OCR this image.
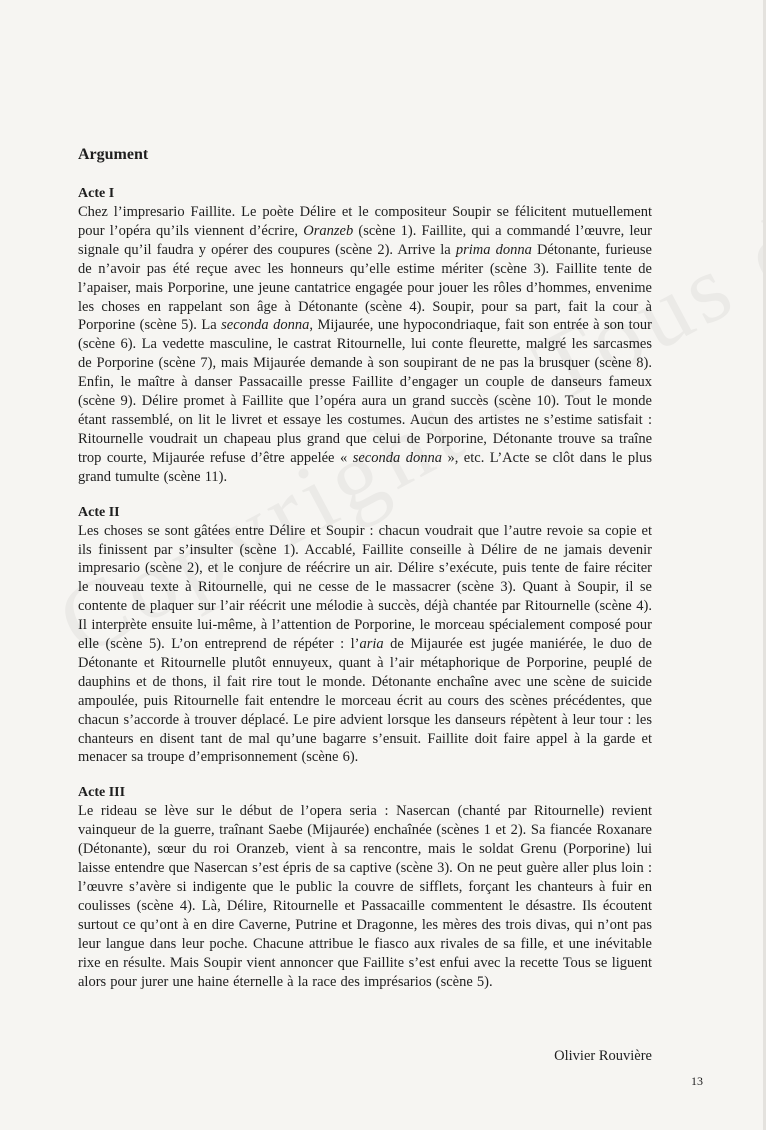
Argument
Acte I

Chez l’impresario Faillite. Le poète Délire et le compositeur Soupir se félicitent mutuellement pour l’opéra qu’ils viennent d’écrire, Oranzeb (scène 1). Faillite, qui a commandé l’œuvre, leur signale qu’il faudra y opérer des coupures (scène 2). Arrive la prima donna Détonante, furieuse de n’avoir pas été reçue avec les honneurs qu’elle estime mériter (scène 3). Faillite tente de l’apaiser, mais Porporine, une jeune cantatrice engagée pour jouer les rôles d’hommes, envenime les choses en rappelant son âge à Détonante (scène 4). Soupir, pour sa part, fait la cour à Porporine (scène 5). La seconda donna, Mijaurée, une hypocondriaque, fait son entrée à son tour (scène 6). La vedette masculine, le castrat Ritournelle, lui conte fleurette, malgré les sarcasmes de Porporine (scène 7), mais Mijaurée demande à son soupirant de ne pas la brusquer (scène 8). Enfin, le maître à danser Passacaille presse Faillite d’engager un couple de danseurs fameux (scène 9). Délire promet à Faillite que l’opéra aura un grand succès (scène 10). Tout le monde étant rassemblé, on lit le livret et essaye les costumes. Aucun des artistes ne s’estime satisfait : Ritournelle voudrait un chapeau plus grand que celui de Porporine, Détonante trouve sa traîne trop courte, Mijaurée refuse d’être appelée « seconda donna », etc. L’Acte se clôt dans le plus grand tumulte (scène 11).

Acte II

Les choses se sont gâtées entre Délire et Soupir : chacun voudrait que l’autre revoie sa copie et ils finissent par s’insulter (scène 1). Accablé, Faillite conseille à Délire de ne jamais devenir impresario (scène 2), et le conjure de réécrire un air. Délire s’exécute, puis tente de faire réciter le nouveau texte à Ritournelle, qui ne cesse de le massacrer (scène 3). Quant à Soupir, il se contente de plaquer sur l’air réécrit une mélodie à succès, déjà chantée par Ritournelle (scène 4). Il interprète ensuite lui-même, à l’attention de Porporine, le morceau spécialement composé pour elle (scène 5). L’on entreprend de répéter : l’aria de Mijaurée est jugée maniérée, le duo de Détonante et Ritournelle plutôt ennuyeux, quant à l’air métaphorique de Porporine, peuplé de dauphins et de thons, il fait rire tout le monde. Détonante enchaîne avec une scène de suicide ampoulée, puis Ritournelle fait entendre le morceau écrit au cours des scènes précédentes, que chacun s’accorde à trouver déplacé. Le pire advient lorsque les danseurs répètent à leur tour : les chanteurs en disent tant de mal qu’une bagarre s’ensuit. Faillite doit faire appel à la garde et menacer sa troupe d’emprisonnement (scène 6).

Acte III

Le rideau se lève sur le début de l’opera seria : Nasercan (chanté par Ritournelle) revient vainqueur de la guerre, traînant Saebe (Mijaurée) enchaînée (scènes 1 et 2). Sa fiancée Roxanare (Détonante), sœur du roi Oranzeb, vient à sa rencontre, mais le soldat Grenu (Porporine) lui laisse entendre que Nasercan s’est épris de sa captive (scène 3). On ne peut guère aller plus loin : l’œuvre s’avère si indigente que le public la couvre de sifflets, forçant les chanteurs à fuir en coulisses (scène 4). Là, Délire, Ritournelle et Passacaille commentent le désastre. Ils écoutent surtout ce qu’ont à en dire Caverne, Putrine et Dragonne, les mères des trois divas, qui n’ont pas leur langue dans leur poche. Chacune attribue le fiasco aux rivales de sa fille, et une inévitable rixe en résulte. Mais Soupir vient annoncer que Faillite s’est enfui avec la recette Tous se liguent alors pour jurer une haine éternelle à la race des imprésarios (scène 5).

Olivier Rouvière
13
